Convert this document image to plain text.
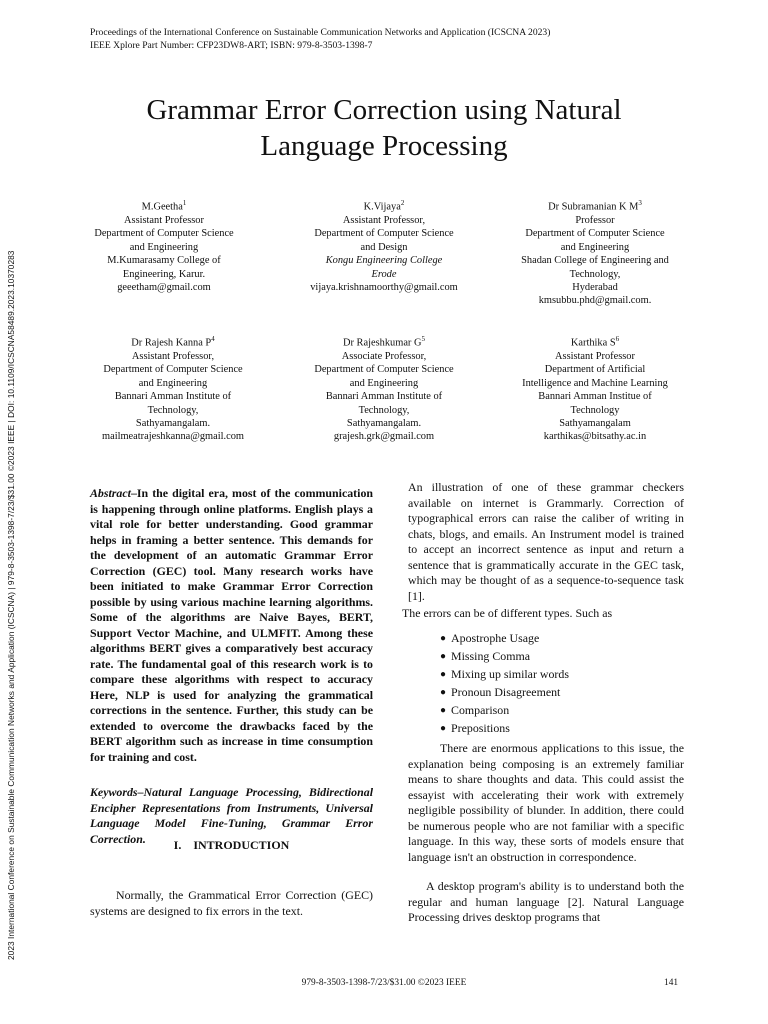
Proceedings of the International Conference on Sustainable Communication Networks and Application (ICSCNA 2023)
IEEE Xplore Part Number: CFP23DW8-ART; ISBN: 979-8-3503-1398-7
2023 International Conference on Sustainable Communication Networks and Application (ICSCNA) | 979-8-3503-1398-7/23/$31.00 ©2023 IEEE | DOI: 10.1109/ICSCNA58489.2023.10370283
Grammar Error Correction using Natural
Language Processing
M.Geetha$^1$
Assistant Professor
Department of Computer Science
and Engineering
M.Kumarasamy College of
Engineering, Karur.
geeetham@gmail.com
K.Vijaya$^2$
Assistant Professor,
Department of Computer Science
and Design
Kongu Engineering College
Erode
vijaya.krishnamoorthy@gmail.com
Dr Subramanian K $M^3$
Professor
Department of Computer Science
and Engineering
Shadan College of Engineering and
Technology,
Hyderabad
kmsubbu.phd@gmail.com.
Dr Rajesh Kanna $P^4$
Assistant Professor,
Department of Computer Science
and Engineering
Bannari Amman Institute of
Technology,
Sathyamangalam.
mailmeatrajeshkanna@gmail.com
Dr Rajeshkumar $G^5$
Associate Professor,
Department of Computer Science
and Engineering
Bannari Amman Institute of
Technology,
Sathyamangalam.
grajesh.grk@gmail.com
Karthika $S^6$
Assistant Professor
Department of Artificial
Intelligence and Machine Learning
Bannari Amman Institue of
Technology
Sathyamangalam
karthikas@bitsathy.ac.in

Abstract–In the digital era, most of the communication is happening through online platforms. English plays a vital role for better understanding. Good grammar helps in framing a better sentence. This demands for the development of an automatic Grammar Error Correction (GEC) tool. Many research works have been initiated to make Grammar Error Correction possible by using various machine learning algorithms. Some of the algorithms are Naive Bayes, BERT, Support Vector Machine, and ULMFIT. Among these algorithms BERT gives a comparatively best accuracy rate. The fundamental goal of this research work is to compare these algorithms with respect to accuracy Here, NLP is used for analyzing the grammatical corrections in the sentence. Further, this study can be extended to overcome the drawbacks faced by the BERT algorithm such as increase in time consumption for training and cost.

Keywords–Natural Language Processing, Bidirectional Encipher Representations from Instruments, Universal Language Model Fine-Tuning, Grammar Error Correction.	I. INTRODUCTION

Normally, the Grammatical Error Correction (GEC) systems are designed to fix errors in the text.

An illustration of one of these grammar checkers available on internet is Grammarly. Correction of typographical errors can raise the caliber of writing in chats, blogs, and emails. An Instrument model is trained to accept an incorrect sentence as input and return a sentence that is grammatically accurate in the GEC task, which may be thought of as a sequence-to-sequence task [1].

The errors can be of different types. Such as
● Apostrophe Usage
● Missing Comma
● Mixing up similar words
● Pronoun Disagreement
● Comparison
● Prepositions

There are enormous applications to this issue, the explanation being composing is an extremely familiar means to share thoughts and data. This could assist the essayist with accelerating their work with extremely negligible possibility of blunder. In addition, there could be numerous people who are not familiar with a specific language. In this way, these sorts of models ensure that language isn't an obstruction in correspondence.

A desktop program's ability is to understand both the regular and human language [2]. Natural Language Processing drives desktop programs that

979-8-3503-1398-7/23/$31.00 ©2023 IEEE	141
